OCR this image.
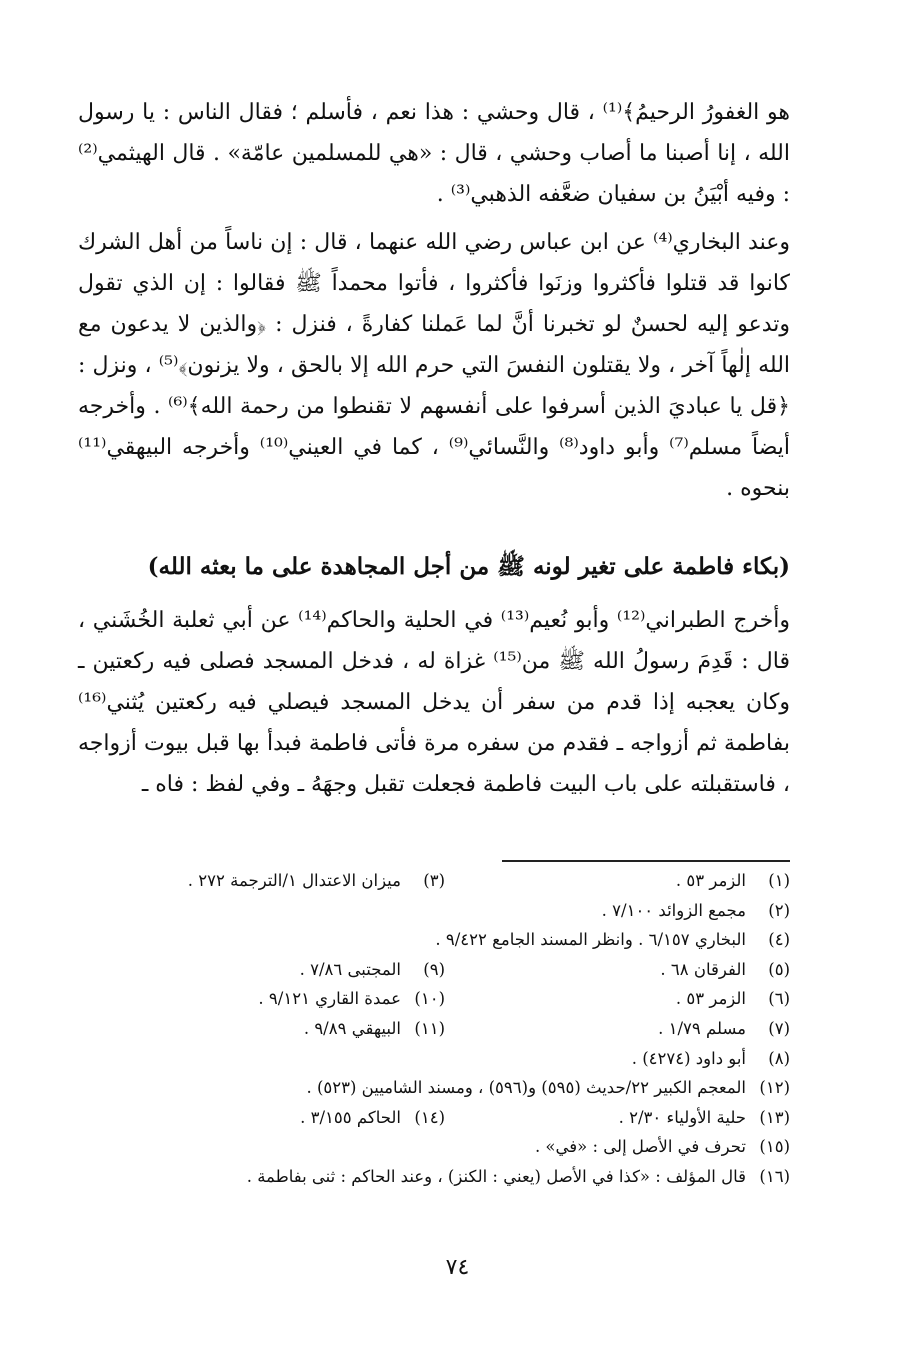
هو الغفورُ الرحيمُ﴾⁽¹⁾ ، قال وحشي : هذا نعم ، فأسلم ؛ فقال الناس : يا رسول الله ، إنا أصبنا ما أصاب وحشي ، قال : «هي للمسلمين عامّة» . قال الهيثمي⁽²⁾ : وفيه أبْيَنُ بن سفيان ضعَّفه الذهبي⁽³⁾ .

وعند البخاري⁽⁴⁾ عن ابن عباس رضي الله عنهما ، قال : إن ناساً من أهل الشرك كانوا قد قتلوا فأكثروا وزنَوا فأكثروا ، فأتوا محمداً ﷺ فقالوا : إن الذي تقول وتدعو إليه لحسنٌ لو تخبرنا أنَّ لما عَملنا كفارةً ، فنزل : ﴿والذين لا يدعون مع الله إلٰهاً آخر ، ولا يقتلون النفسَ التي حرم الله إلا بالحق ، ولا يزنون﴾⁽⁵⁾ ، ونزل : ﴿قل يا عباديَ الذين أسرفوا على أنفسهم لا تقنطوا من رحمة الله﴾⁽⁶⁾ . وأخرجه أيضاً مسلم⁽⁷⁾ وأبو داود⁽⁸⁾ والنَّسائي⁽⁹⁾ ، كما في العيني⁽¹⁰⁾ وأخرجه البيهقي⁽¹¹⁾ بنحوه .

(بكاء فاطمة على تغير لونه ﷺ من أجل المجاهدة على ما بعثه الله)

وأخرج الطبراني⁽¹²⁾ وأبو نُعيم⁽¹³⁾ في الحلية والحاكم⁽¹⁴⁾ عن أبي ثعلبة الخُشَني ، قال : قَدِمَ رسولُ الله ﷺ من⁽¹⁵⁾ غزاة له ، فدخل المسجد فصلى فيه ركعتين ـ وكان يعجبه إذا قدم من سفر أن يدخل المسجد فيصلي فيه ركعتين يُثني⁽¹⁶⁾ بفاطمة ثم أزواجه ـ فقدم من سفره مرة فأتى فاطمة فبدأ بها قبل بيوت أزواجه ، فاستقبلته على باب البيت فاطمة فجعلت تقبل وجهَهُ ـ وفي لفظ : فاه ـ

(١)
الزمر ٥٣ .
(٣)
ميزان الاعتدال ١/الترجمة ٢٧٢ .
(٢)
مجمع الزوائد ٧/١٠٠ .
(٤)
البخاري ٦/١٥٧ . وانظر المسند الجامع ٩/٤٢٢ .
(٥)
الفرقان ٦٨ .
(٩)
المجتبى ٧/٨٦ .
(٦)
الزمر ٥٣ .
(١٠)
عمدة القاري ٩/١٢١ .
(٧)
مسلم ١/٧٩ .
(١١)
البيهقي ٩/٨٩ .
(٨)
أبو داود (٤٢٧٤) .
(١٢)
المعجم الكبير ٢٢/حديث (٥٩٥) و(٥٩٦) ، ومسند الشاميين (٥٢٣) .
(١٣)
حلية الأولياء ٢/٣٠ .
(١٤)
الحاكم ٣/١٥٥ .
(١٥)
تحرف في الأصل إلى : «في» .
(١٦)
قال المؤلف : «كذا في الأصل (يعني : الكنز) ، وعند الحاكم : ثنى بفاطمة .
٧٤
